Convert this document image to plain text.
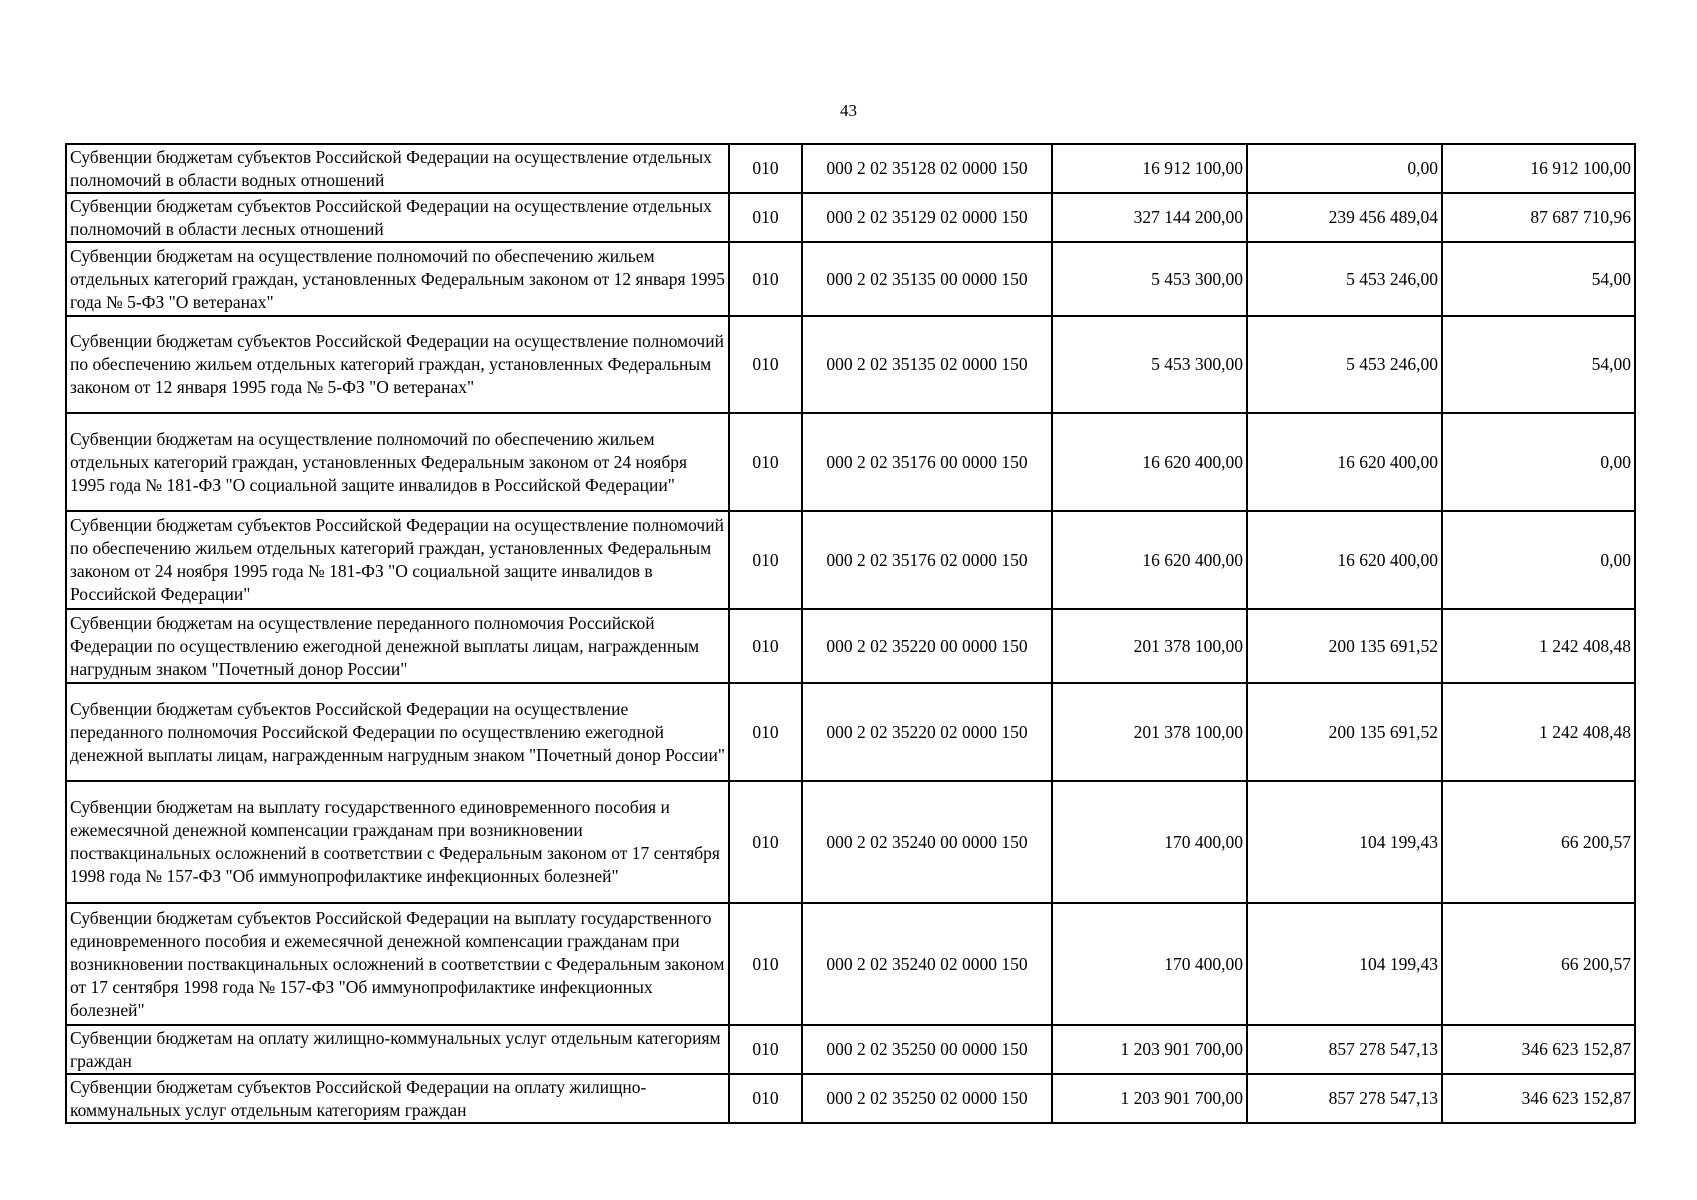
43
Субвенции бюджетам субъектов Российской Федерации на осуществление отдельных полномочий в области водных отношений	010	000 2 02 35128 02 0000 150	16 912 100,00	0,00	16 912 100,00
Субвенции бюджетам субъектов Российской Федерации на осуществление отдельных полномочий в области лесных отношений	010	000 2 02 35129 02 0000 150	327 144 200,00	239 456 489,04	87 687 710,96
Субвенции бюджетам на осуществление полномочий по обеспечению жильем отдельных категорий граждан, установленных Федеральным законом от 12 января 1995 года № 5-ФЗ "О ветеранах"	010	000 2 02 35135 00 0000 150	5 453 300,00	5 453 246,00	54,00
Субвенции бюджетам субъектов Российской Федерации на осуществление полномочий по обеспечению жильем отдельных категорий граждан, установленных Федеральным законом от 12 января 1995 года № 5-ФЗ "О ветеранах"	010	000 2 02 35135 02 0000 150	5 453 300,00	5 453 246,00	54,00
Субвенции бюджетам на осуществление полномочий по обеспечению жильем отдельных категорий граждан, установленных Федеральным законом от 24 ноября 1995 года № 181-ФЗ "О социальной защите инвалидов в Российской Федерации"	010	000 2 02 35176 00 0000 150	16 620 400,00	16 620 400,00	0,00
Субвенции бюджетам субъектов Российской Федерации на осуществление полномочий по обеспечению жильем отдельных категорий граждан, установленных Федеральным законом от 24 ноября 1995 года № 181-ФЗ "О социальной защите инвалидов в Российской Федерации"	010	000 2 02 35176 02 0000 150	16 620 400,00	16 620 400,00	0,00
Субвенции бюджетам на осуществление переданного полномочия Российской Федерации по осуществлению ежегодной денежной выплаты лицам, награжденным нагрудным знаком "Почетный донор России"	010	000 2 02 35220 00 0000 150	201 378 100,00	200 135 691,52	1 242 408,48
Субвенции бюджетам субъектов Российской Федерации на осуществление переданного полномочия Российской Федерации по осуществлению ежегодной денежной выплаты лицам, награжденным нагрудным знаком "Почетный донор России"	010	000 2 02 35220 02 0000 150	201 378 100,00	200 135 691,52	1 242 408,48
Субвенции бюджетам на выплату государственного единовременного пособия и ежемесячной денежной компенсации гражданам при возникновении поствакцинальных осложнений в соответствии с Федеральным законом от 17 сентября 1998 года № 157-ФЗ "Об иммунопрофилактике инфекционных болезней"	010	000 2 02 35240 00 0000 150	170 400,00	104 199,43	66 200,57
Субвенции бюджетам субъектов Российской Федерации на выплату государственного единовременного пособия и ежемесячной денежной компенсации гражданам при возникновении поствакцинальных осложнений в соответствии с Федеральным законом от 17 сентября 1998 года № 157-ФЗ "Об иммунопрофилактике инфекционных болезней"	010	000 2 02 35240 02 0000 150	170 400,00	104 199,43	66 200,57
Субвенции бюджетам на оплату жилищно-коммунальных услуг отдельным категориям граждан	010	000 2 02 35250 00 0000 150	1 203 901 700,00	857 278 547,13	346 623 152,87
Субвенции бюджетам субъектов Российской Федерации на оплату жилищно-коммунальных услуг отдельным категориям граждан	010	000 2 02 35250 02 0000 150	1 203 901 700,00	857 278 547,13	346 623 152,87
